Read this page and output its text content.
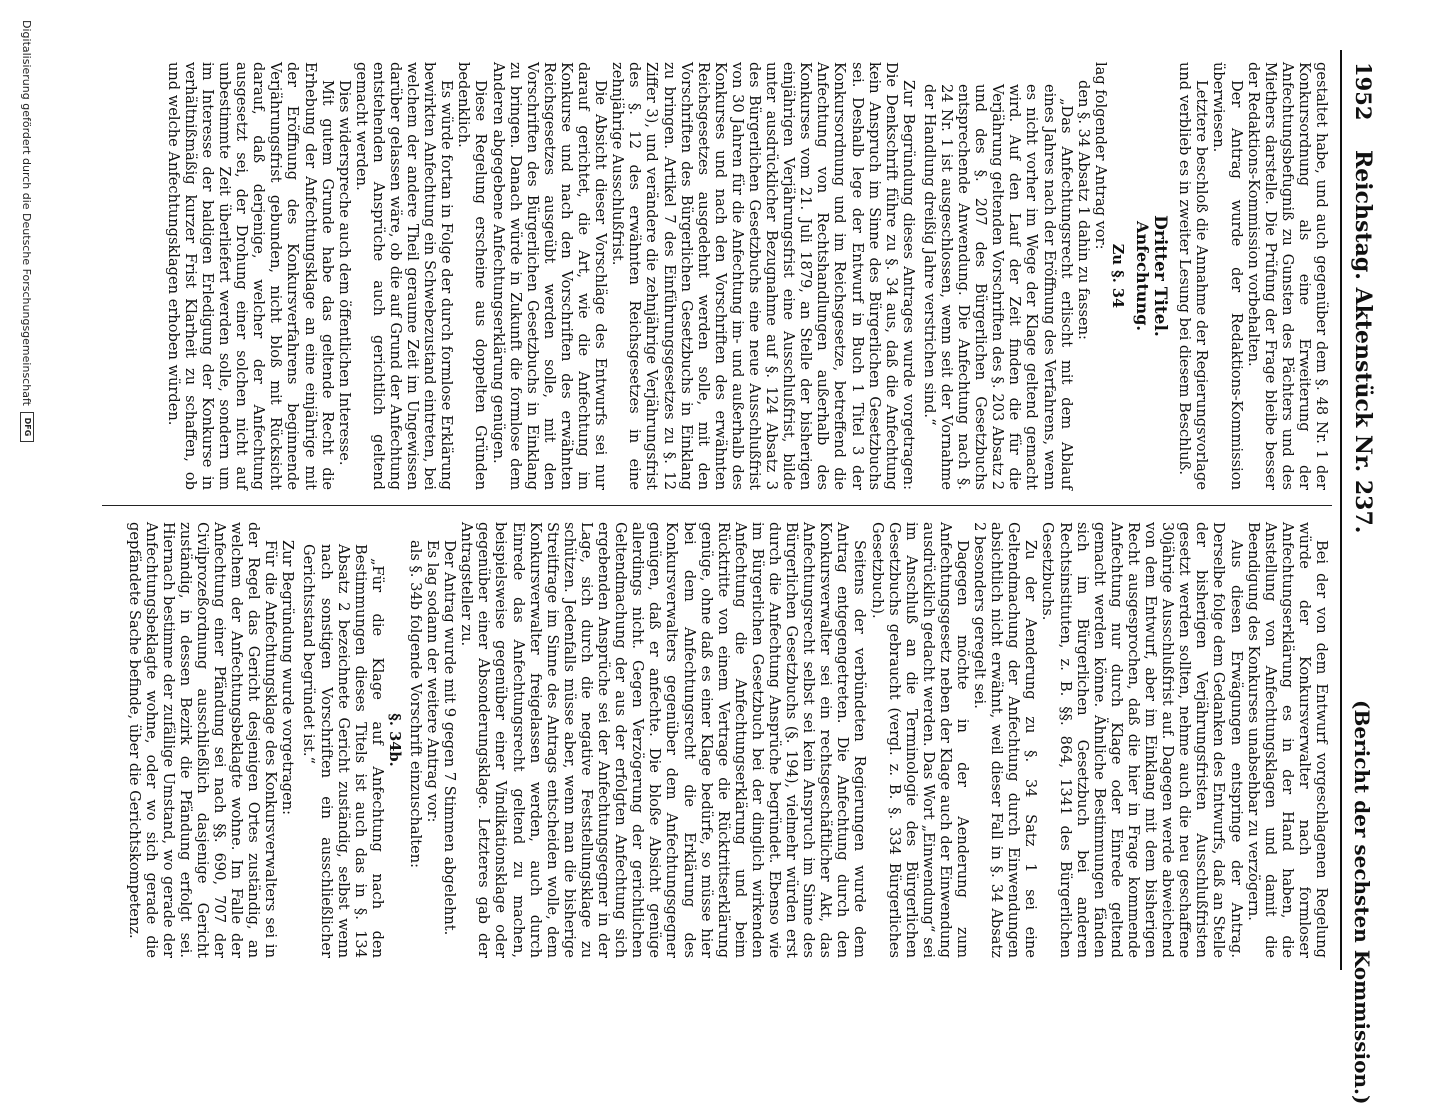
1952
Reichstag. Aktenstück Nr. 237.
(Bericht der sechsten Kommission.)

gestaltet habe, und auch gegenüber dem §. 48 Nr. 1 der Konkursordnung als eine Erweiterung der Anfechtungsbefugniß zu Gunsten des Pächters und des Miethers darstelle. Die Prüfung der Frage bleibe besser der Redaktions-Kommission vorbehalten.

Der Antrag wurde der Redaktions-Kommission überwiesen.

Letztere beschloß die Annahme der Regierungsvorlage und verblieb es in zweiter Lesung bei diesem Beschluß.

Dritter Titel.

Anfechtung.

Zu §. 34

lag folgender Antrag vor:

den §. 34 Absatz 1 dahin zu fassen:

„Das Anfechtungsrecht erlischt mit dem Ablauf eines Jahres nach der Eröffnung des Verfahrens, wenn es nicht vorher im Wege der Klage geltend gemacht wird. Auf den Lauf der Zeit finden die für die Verjährung geltenden Vorschriften des §. 203 Absatz 2 und des §. 207 des Bürgerlichen Gesetzbuchs entsprechende Anwendung. Die Anfechtung nach §. 24 Nr. 1 ist ausgeschlossen, wenn seit der Vornahme der Handlung dreißig Jahre verstrichen sind.“

Zur Begründung dieses Antrages wurde vorgetragen: Die Denkschrift führe zu §. 34 aus, daß die Anfechtung kein Anspruch im Sinne des Bürgerlichen Gesetzbuchs sei. Deshalb lege der Entwurf in Buch 1 Titel 3 der Konkursordnung und im Reichsgesetze, betreffend die Anfechtung von Rechtshandlungen außerhalb des Konkurses vom 21. Juli 1879, an Stelle der bisherigen einjährigen Verjährungsfrist eine Ausschlußfrist, bilde unter ausdrücklicher Bezugnahme auf §. 124 Absatz 3 des Bürgerlichen Gesetzbuchs eine neue Ausschlußfrist von 30 Jahren für die Anfechtung im- und außerhalb des Konkurses und nach den Vorschriften des erwähnten Reichsgesetzes ausgedehnt werden solle, mit den Vorschriften des Bürgerlichen Gesetzbuchs in Einklang zu bringen. Artikel 7 des Einführungsgesetzes zu §. 12 Ziffer 3), und verändere die zehnjährige Verjährungsfrist des §. 12 des erwähnten Reichsgesetzes in eine zehnjährige Ausschlußfrist.

Die Absicht dieser Vorschläge des Entwurfs sei nur darauf gerichtet, die Art, wie die Anfechtung im Konkurse und nach den Vorschriften des erwähnten Reichsgesetzes ausgeübt werden solle, mit den Vorschriften des Bürgerlichen Gesetzbuchs in Einklang zu bringen. Danach würde in Zukunft die formlose dem Anderen abgegebene Anfechtungserklärung genügen.

Diese Regelung erscheine aus doppelten Gründen bedenklich.

Es würde fortan in Folge der durch formlose Erklärung bewirkten Anfechtung ein Schwebezustand eintreten, bei welchem der andere Theil geraume Zeit im Ungewissen darüber gelassen wäre, ob die auf Grund der Anfechtung entstehenden Ansprüche auch gerichtlich geltend gemacht werden.

Dies widerspreche auch dem öffentlichen Interesse.

Mit gutem Grunde habe das geltende Recht die Erhebung der Anfechtungsklage an eine einjährige mit der Eröffnung des Konkursverfahrens beginnende Verjährungsfrist gebunden, nicht bloß mit Rücksicht darauf, daß derjenige, welcher der Anfechtung ausgesetzt sei, der Drohung einer solchen nicht auf unbestimmte Zeit überliefert werden solle, sondern um im Interesse der baldigen Erledigung der Konkurse in verhältnißmäßig kurzer Frist Klarheit zu schaffen, ob und welche Anfechtungsklagen erhoben würden.

Bei der von dem Entwurf vorgeschlagenen Regelung würde der Konkursverwalter nach formloser Anfechtungserklärung es in der Hand haben, die Anstellung von Anfechtungsklagen und damit die Beendigung des Konkurses unabsehbar zu verzögern.

Aus diesen Erwägungen entspringe der Antrag. Derselbe folge dem Gedanken des Entwurfs, daß an Stelle der bisherigen Verjährungsfristen Ausschlußfristen gesetzt werden sollten, nehme auch die neu geschaffene 30jährige Ausschlußfrist auf. Dagegen werde abweichend von dem Entwurf, aber im Einklang mit dem bisherigen Recht ausgesprochen, daß die hier in Frage kommende Anfechtung nur durch Klage oder Einrede geltend gemacht werden könne. Ähnliche Bestimmungen fänden sich im Bürgerlichen Gesetzbuch bei anderen Rechtsinstituten, z. B. §§. 864, 1341 des Bürgerlichen Gesetzbuchs.

Zu der Aenderung zu §. 34 Satz 1 sei eine Geltendmachung der Anfechtung durch Einwendungen absichtlich nicht erwähnt, weil dieser Fall in §. 34 Absatz 2 besonders geregelt sei.

Dagegen möchte in der Aenderung zum Anfechtungsgesetz neben der Klage auch der Einwendung ausdrücklich gedacht werden. Das Wort „Einwendung“ sei im Anschluß an die Terminologie des Bürgerlichen Gesetzbuchs gebraucht (vergl. z. B. §. 334 Bürgerliches Gesetzbuch).

Seitens der verbündeten Regierungen wurde dem Antrag entgegengetreten. Die Anfechtung durch den Konkursverwalter sei ein rechtsgeschäftlicher Akt, das Anfechtungsrecht selbst sei kein Anspruch im Sinne des Bürgerlichen Gesetzbuchs (§. 194), vielmehr würden erst durch die Anfechtung Ansprüche begründet. Ebenso wie im Bürgerlichen Gesetzbuch bei der dinglich wirkenden Anfechtung die Anfechtungserklärung und beim Rücktritte von einem Vertrage die Rücktrittserklärung genüge, ohne daß es einer Klage bedürfe, so müsse hier bei dem Anfechtungsrecht die Erklärung des Konkursverwalters gegenüber dem Anfechtungsgegner genügen, daß er anfechte. Die bloße Absicht genüge allerdings nicht. Gegen Verzögerung der gerichtlichen Geltendmachung der aus der erfolgten Anfechtung sich ergebenden Ansprüche sei der Anfechtungsgegner in der Lage, sich durch die negative Feststellungsklage zu schützen. Jedenfalls müsse aber, wenn man die bisherige Streitfrage im Sinne des Antrags entscheiden wolle, dem Konkursverwalter freigelassen werden, auch durch Einrede das Anfechtungsrecht geltend zu machen, beispielsweise gegenüber einer Vindikationsklage oder gegenüber einer Absonderungsklage. Letzteres gab der Antragsteller zu.

Der Antrag wurde mit 9 gegen 7 Stimmen abgelehnt.

Es lag sodann der weitere Antrag vor:

als §. 34b folgende Vorschrift einzuschalten:

§. 34b.

„Für die Klage auf Anfechtung nach den Bestimmungen dieses Titels ist auch das in §. 134 Absatz 2 bezeichnete Gericht zuständig, selbst wenn nach sonstigen Vorschriften ein ausschließlicher Gerichtsstand begründet ist.“

Zur Begründung wurde vorgetragen:

Für die Anfechtungsklage des Konkursverwalters sei in der Regel das Gericht desjenigen Ortes zuständig, an welchem der Anfechtungsbeklagte wohne. Im Falle der Anfechtung einer Pfändung sei nach §§. 690, 707 der Civilprozeßordnung ausschließlich dasjenige Gericht zuständig, in dessen Bezirk die Pfändung erfolgt sei. Hiernach bestimme der zufällige Umstand, wo gerade der Anfechtungsbeklagte wohne, oder wo sich gerade die gepfändete Sache befinde, über die Gerichtskompetenz.

Digitalisierung gefördert durch die Deutsche Forschungsgemeinschaft
DFG
